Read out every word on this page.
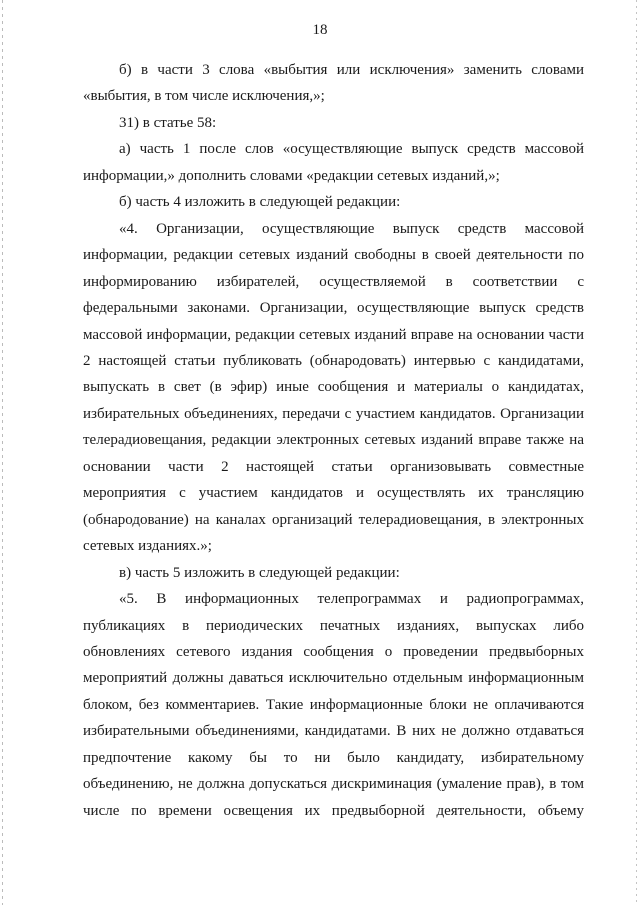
18
б) в части 3 слова «выбытия или исключения» заменить словами
«выбытия, в том числе исключения,»;
31) в статье 58:
а) часть 1 после слов «осуществляющие выпуск средств массовой
информации,» дополнить словами «редакции сетевых изданий,»;
б) часть 4 изложить в следующей редакции:
«4. Организации, осуществляющие выпуск средств массовой
информации, редакции сетевых изданий свободны в своей деятельности по
информированию избирателей, осуществляемой в соответствии с
федеральными законами. Организации, осуществляющие выпуск средств
массовой информации, редакции сетевых изданий вправе на основании части
2 настоящей статьи публиковать (обнародовать) интервью с кандидатами,
выпускать в свет (в эфир) иные сообщения и материалы о кандидатах,
избирательных объединениях, передачи с участием кандидатов. Организации
телерадиовещания, редакции электронных сетевых изданий вправе также на
основании части 2 настоящей статьи организовывать совместные
мероприятия с участием кандидатов и осуществлять их трансляцию
(обнародование) на каналах организаций телерадиовещания, в электронных
сетевых изданиях.»;
в) часть 5 изложить в следующей редакции:
«5. В информационных телепрограммах и радиопрограммах,
публикациях в периодических печатных изданиях, выпусках либо
обновлениях сетевого издания сообщения о проведении предвыборных
мероприятий должны даваться исключительно отдельным информационным
блоком, без комментариев. Такие информационные блоки не оплачиваются
избирательными объединениями, кандидатами. В них не должно отдаваться
предпочтение какому бы то ни было кандидату, избирательному
объединению, не должна допускаться дискриминация (умаление прав), в том
числе по времени освещения их предвыборной деятельности, объему
